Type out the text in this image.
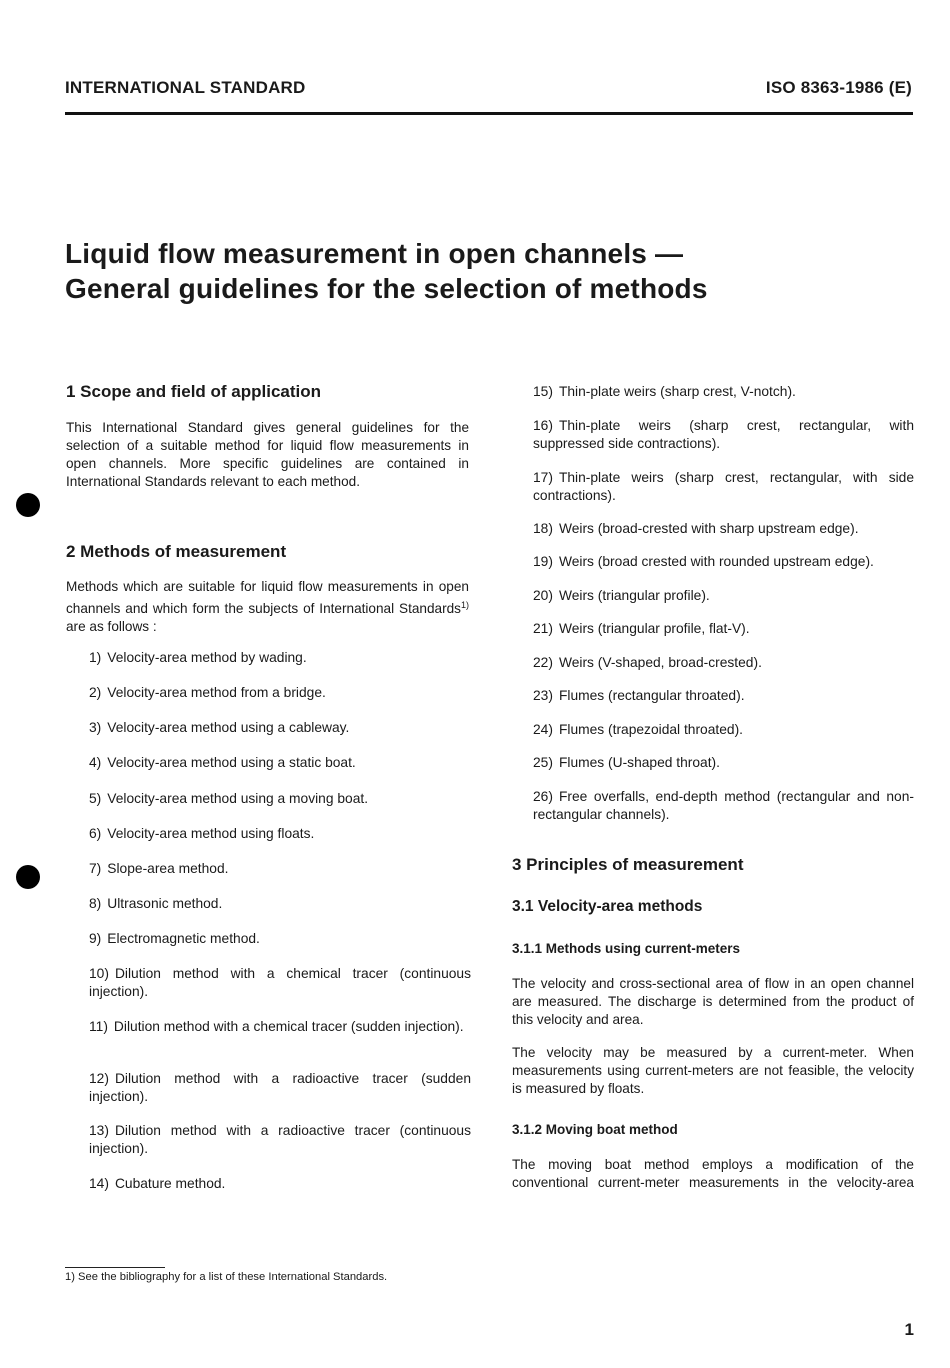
INTERNATIONAL STANDARD	ISO 8363-1986 (E)
Liquid flow measurement in open channels —
General guidelines for the selection of methods
1 Scope and field of application

This International Standard gives general guidelines for the selection of a suitable method for liquid flow measurements in open channels. More specific guidelines are contained in International Standards relevant to each method.

2 Methods of measurement

Methods which are suitable for liquid flow measurements in open channels and which form the subjects of International Standards$^{1)}$ are as follows :

1) Velocity-area method by wading.
2) Velocity-area method from a bridge.
3) Velocity-area method using a cableway.
4) Velocity-area method using a static boat.
5) Velocity-area method using a moving boat.
6) Velocity-area method using floats.
7) Slope-area method.
8) Ultrasonic method.
9) Electromagnetic method.
10) Dilution method with a chemical tracer (continuous injection).
11) Dilution method with a chemical tracer (sudden injection).
12) Dilution method with a radioactive tracer (sudden injection).
13) Dilution method with a radioactive tracer (continuous injection).
14) Cubature method.
15) Thin-plate weirs (sharp crest, V-notch).
16) Thin-plate weirs (sharp crest, rectangular, with suppressed side contractions).
17) Thin-plate weirs (sharp crest, rectangular, with side contractions).
18) Weirs (broad-crested with sharp upstream edge).
19) Weirs (broad crested with rounded upstream edge).
20) Weirs (triangular profile).
21) Weirs (triangular profile, flat-V).
22) Weirs (V-shaped, broad-crested).
23) Flumes (rectangular throated).
24) Flumes (trapezoidal throated).
25) Flumes (U-shaped throat).
26) Free overfalls, end-depth method (rectangular and non-rectangular channels).
3 Principles of measurement
3.1 Velocity-area methods
3.1.1 Methods using current-meters

The velocity and cross-sectional area of flow in an open channel are measured. The discharge is determined from the product of this velocity and area.

The velocity may be measured by a current-meter. When measurements using current-meters are not feasible, the velocity is measured by floats.

3.1.2 Moving boat method

The moving boat method employs a modification of the conventional current-meter measurements in the velocity-area

1) See the bibliography for a list of these International Standards.
1
